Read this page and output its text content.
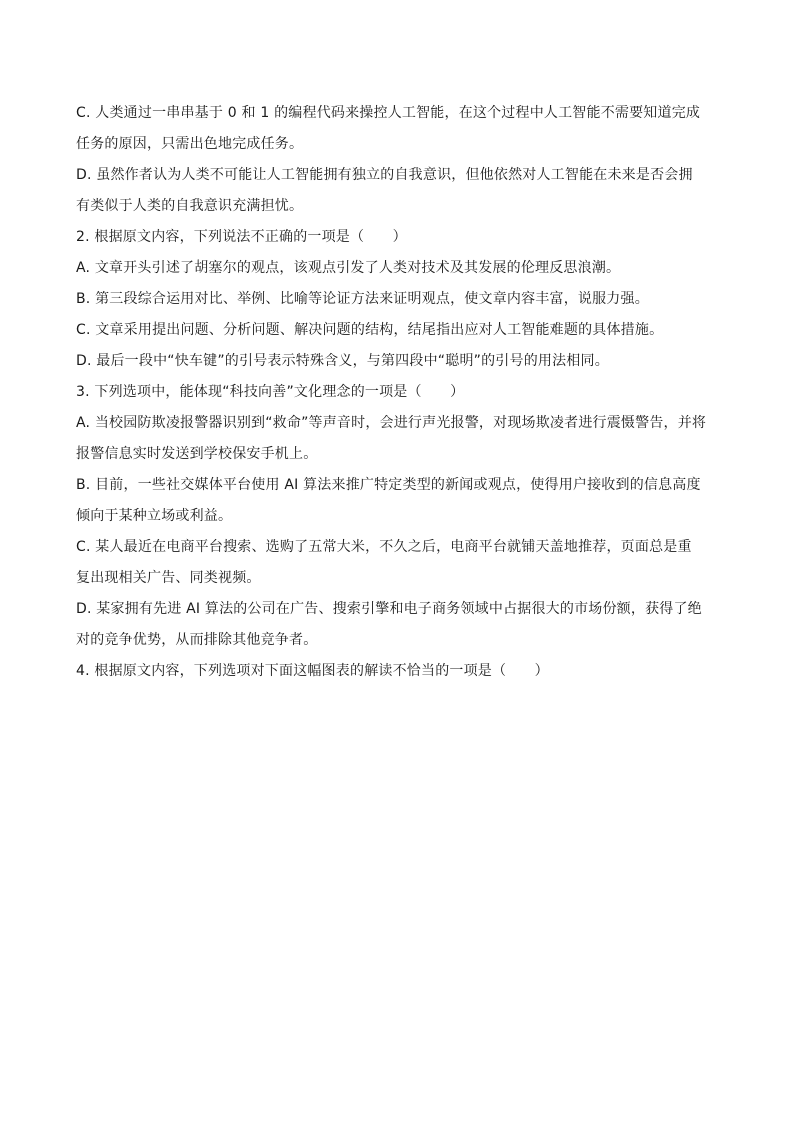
C. 人类通过一串串基于 0 和 1 的编程代码来操控人工智能，在这个过程中人工智能不需要知道完成
任务的原因，只需出色地完成任务。
D. 虽然作者认为人类不可能让人工智能拥有独立的自我意识，但他依然对人工智能在未来是否会拥
有类似于人类的自我意识充满担忧。
2. 根据原文内容，下列说法不正确的一项是（　　）
A. 文章开头引述了胡塞尔的观点，该观点引发了人类对技术及其发展的伦理反思浪潮。
B. 第三段综合运用对比、举例、比喻等论证方法来证明观点，使文章内容丰富，说服力强。
C. 文章采用提出问题、分析问题、解决问题的结构，结尾指出应对人工智能难题的具体措施。
D. 最后一段中“快车键”的引号表示特殊含义，与第四段中“聪明”的引号的用法相同。
3. 下列选项中，能体现“科技向善”文化理念的一项是（　　）
A. 当校园防欺凌报警器识别到“救命”等声音时，会进行声光报警，对现场欺凌者进行震慑警告，并将
报警信息实时发送到学校保安手机上。
B. 目前，一些社交媒体平台使用 AI 算法来推广特定类型的新闻或观点，使得用户接收到的信息高度
倾向于某种立场或利益。
C. 某人最近在电商平台搜索、选购了五常大米，不久之后，电商平台就铺天盖地推荐，页面总是重
复出现相关广告、同类视频。
D. 某家拥有先进 AI 算法的公司在广告、搜索引擎和电子商务领域中占据很大的市场份额，获得了绝
对的竞争优势，从而排除其他竞争者。
4. 根据原文内容，下列选项对下面这幅图表的解读不恰当的一项是（　　）
